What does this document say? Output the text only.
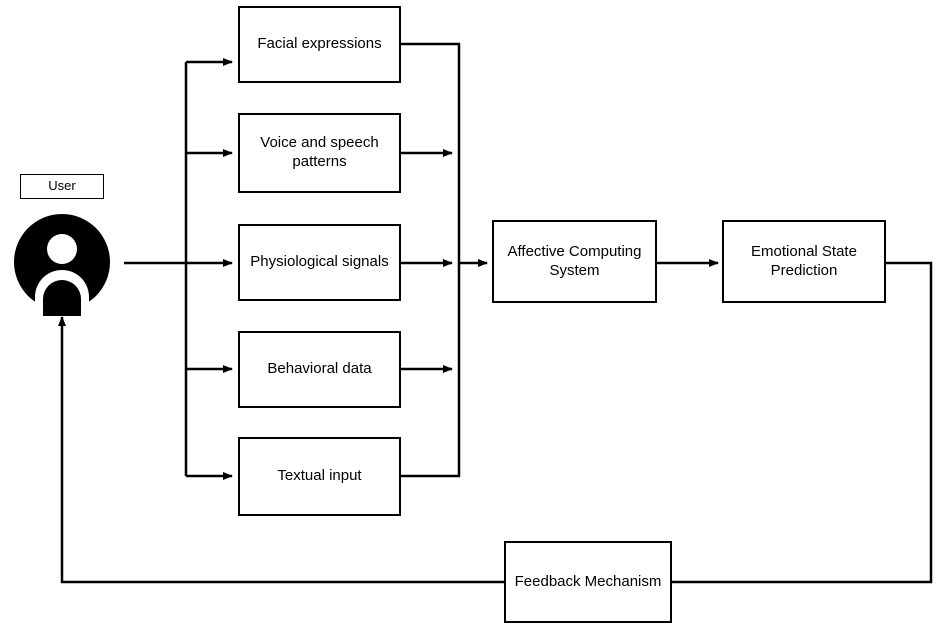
User
Facial expressions
Voice and speech patterns
Physiological signals
Behavioral data
Textual input
Affective Computing System
Emotional State Prediction
Feedback Mechanism
